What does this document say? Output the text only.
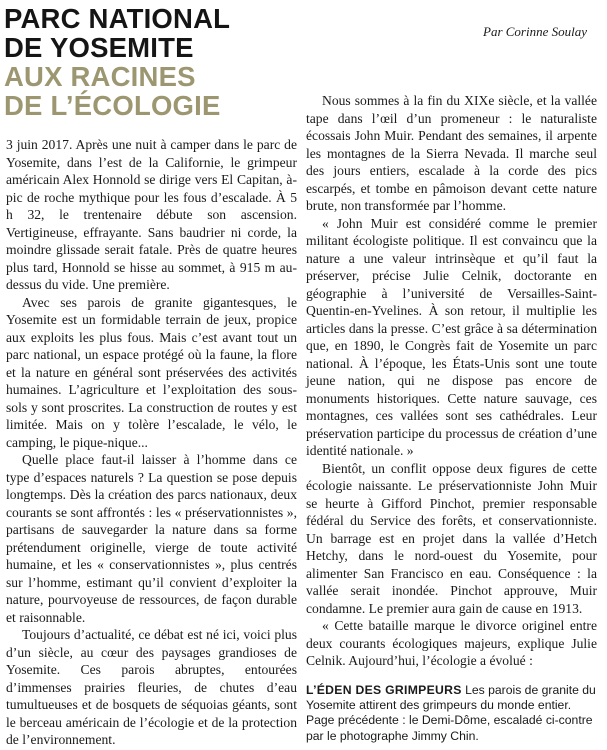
PARC NATIONAL
DE YOSEMITE
AUX RACINES
DE L’ÉCOLOGIE

Par Corinne Soulay

3 juin 2017. Après une nuit à camper dans le parc de Yosemite, dans l’est de la Californie, le grimpeur américain Alex Honnold se dirige vers El Capitan, à-pic de roche mythique pour les fous d’escalade. À 5 h 32, le trentenaire débute son ascension. Vertigineuse, effrayante. Sans baudrier ni corde, la moindre glissade serait fatale. Près de quatre heures plus tard, Honnold se hisse au sommet, à 915 m au-dessus du vide. Une première.

Avec ses parois de granite gigantesques, le Yosemite est un formidable terrain de jeux, propice aux exploits les plus fous. Mais c’est avant tout un parc national, un espace protégé où la faune, la flore et la nature en général sont préservées des activités humaines. L’agriculture et l’exploitation des sous-sols y sont proscrites. La construction de routes y est limitée. Mais on y tolère l’escalade, le vélo, le camping, le pique-nique...

Quelle place faut-il laisser à l’homme dans ce type d’espaces naturels ? La question se pose depuis longtemps. Dès la création des parcs nationaux, deux courants se sont affrontés : les « préservationnistes », partisans de sauvegarder la nature dans sa forme prétendument originelle, vierge de toute activité humaine, et les « conservationnistes », plus centrés sur l’homme, estimant qu’il convient d’exploiter la nature, pourvoyeuse de ressources, de façon durable et raisonnable.

Toujours d’actualité, ce débat est né ici, voici plus d’un siècle, au cœur des paysages grandioses de Yosemite. Ces parois abruptes, entourées d’immenses prairies fleuries, de chutes d’eau tumultueuses et de bosquets de séquoias géants, sont le berceau américain de l’écologie et de la protection de l’environnement.

Nous sommes à la fin du XIXe siècle, et la vallée tape dans l’œil d’un promeneur : le naturaliste écossais John Muir. Pendant des semaines, il arpente les montagnes de la Sierra Nevada. Il marche seul des jours entiers, escalade à la corde des pics escarpés, et tombe en pâmoison devant cette nature brute, non transformée par l’homme.

« John Muir est considéré comme le premier militant écologiste politique. Il est convaincu que la nature a une valeur intrinsèque et qu’il faut la préserver, précise Julie Celnik, doctorante en géographie à l’université de Versailles-Saint-Quentin-en-Yvelines. À son retour, il multiplie les articles dans la presse. C’est grâce à sa détermination que, en 1890, le Congrès fait de Yosemite un parc national. À l’époque, les États-Unis sont une toute jeune nation, qui ne dispose pas encore de monuments historiques. Cette nature sauvage, ces montagnes, ces vallées sont ses cathédrales. Leur préservation participe du processus de création d’une identité nationale. »

Bientôt, un conflit oppose deux figures de cette écologie naissante. Le préservationniste John Muir se heurte à Gifford Pinchot, premier responsable fédéral du Service des forêts, et conservationniste. Un barrage est en projet dans la vallée d’Hetch Hetchy, dans le nord-ouest du Yosemite, pour alimenter San Francisco en eau. Conséquence : la vallée serait inondée. Pinchot approuve, Muir condamne. Le premier aura gain de cause en 1913.

« Cette bataille marque le divorce originel entre deux courants écologiques majeurs, explique Julie Celnik. Aujourd’hui, l’écologie a évolué :

L’ÉDEN DES GRIMPEURS Les parois de granite du Yosemite attirent des grimpeurs du monde entier. Page précédente : le Demi-Dôme, escaladé ci-contre par le photographe Jimmy Chin.
